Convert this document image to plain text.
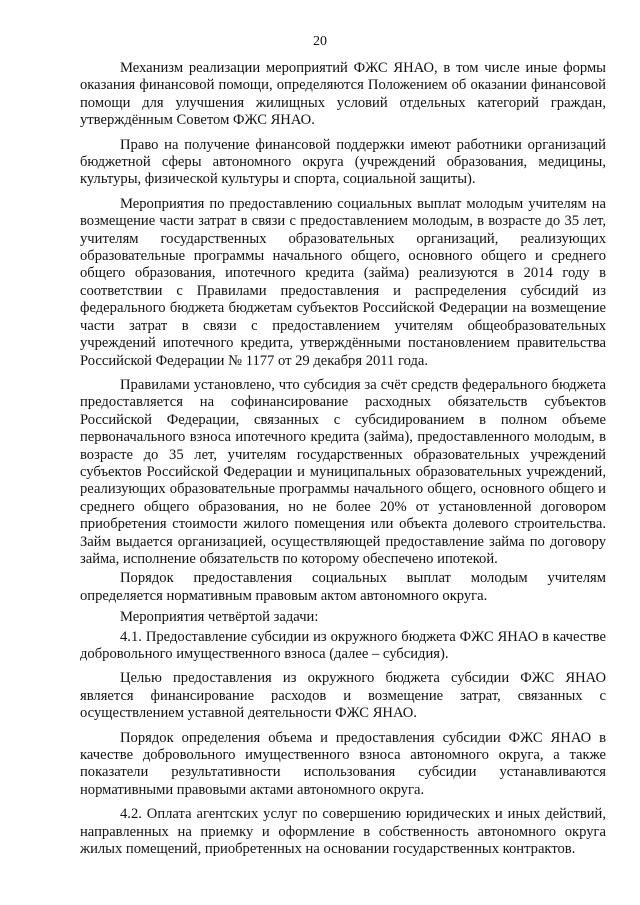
20

Механизм реализации мероприятий ФЖС ЯНАО, в том числе иные формы оказания финансовой помощи, определяются Положением об оказании финансовой помощи для улучшения жилищных условий отдельных категорий граждан, утверждённым Советом ФЖС ЯНАО.

Право на получение финансовой поддержки имеют работники организаций бюджетной сферы автономного округа (учреждений образования, медицины, культуры, физической культуры и спорта, социальной защиты).

Мероприятия по предоставлению социальных выплат молодым учителям на возмещение части затрат в связи с предоставлением молодым, в возрасте до 35 лет, учителям государственных образовательных организаций, реализующих образовательные программы начального общего, основного общего и среднего общего образования, ипотечного кредита (займа) реализуются в 2014 году в соответствии с Правилами предоставления и распределения субсидий из федерального бюджета бюджетам субъектов Российской Федерации на возмещение части затрат в связи с предоставлением учителям общеобразовательных учреждений ипотечного кредита, утверждёнными постановлением правительства Российской Федерации № 1177 от 29 декабря 2011 года.

Правилами установлено, что субсидия за счёт средств федерального бюджета предоставляется на софинансирование расходных обязательств субъектов Российской Федерации, связанных с субсидированием в полном объеме первоначального взноса ипотечного кредита (займа), предоставленного молодым, в возрасте до 35 лет, учителям государственных образовательных учреждений субъектов Российской Федерации и муниципальных образовательных учреждений, реализующих образовательные программы начального общего, основного общего и среднего общего образования, но не более 20% от установленной договором приобретения стоимости жилого помещения или объекта долевого строительства. Займ выдается организацией, осуществляющей предоставление займа по договору займа, исполнение обязательств по которому обеспечено ипотекой.

Порядок предоставления социальных выплат молодым учителям определяется нормативным правовым актом автономного округа.

Мероприятия четвёртой задачи:

4.1. Предоставление субсидии из окружного бюджета ФЖС ЯНАО в качестве добровольного имущественного взноса (далее – субсидия).

Целью предоставления из окружного бюджета субсидии ФЖС ЯНАО является финансирование расходов и возмещение затрат, связанных с осуществлением уставной деятельности ФЖС ЯНАО.

Порядок определения объема и предоставления субсидии ФЖС ЯНАО в качестве добровольного имущественного взноса автономного округа, а также показатели результативности использования субсидии устанавливаются нормативными правовыми актами автономного округа.

4.2. Оплата агентских услуг по совершению юридических и иных действий, направленных на приемку и оформление в собственность автономного округа жилых помещений, приобретенных на основании государственных контрактов.
